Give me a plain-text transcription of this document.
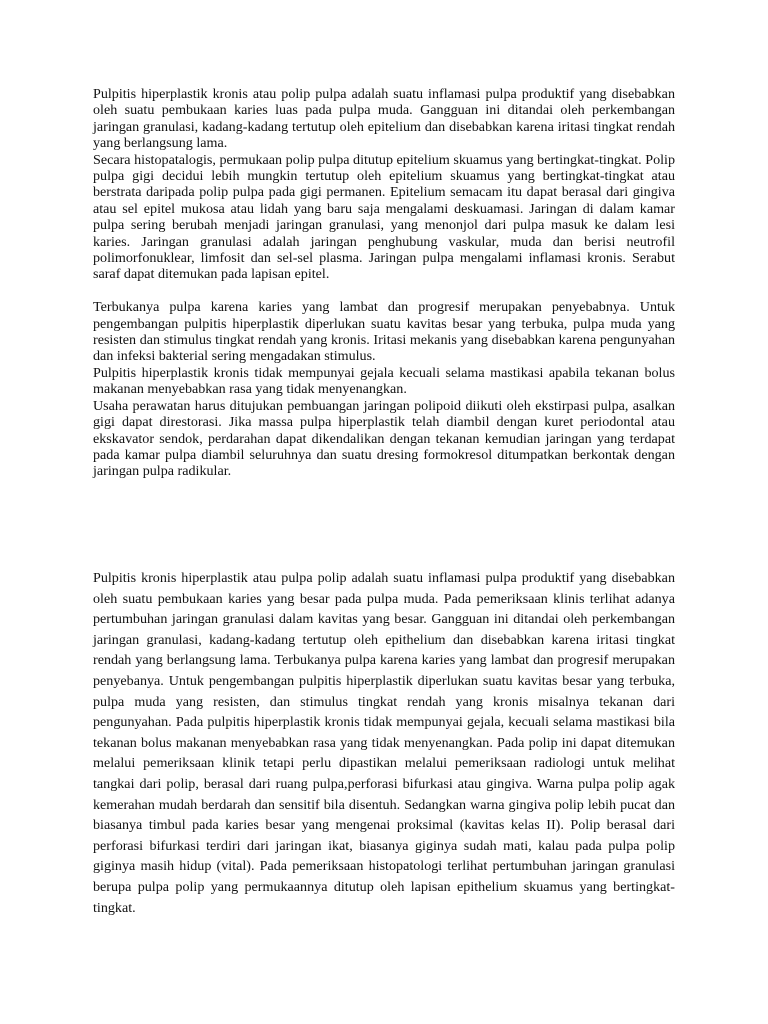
Pulpitis hiperplastik kronis atau polip pulpa adalah suatu inflamasi pulpa produktif yang disebabkan oleh suatu pembukaan karies luas pada pulpa muda. Gangguan ini ditandai oleh perkembangan jaringan granulasi, kadang-kadang tertutup oleh epitelium dan disebabkan karena iritasi tingkat rendah yang berlangsung lama.

Secara histopatalogis, permukaan polip pulpa ditutup epitelium skuamus yang bertingkat-tingkat. Polip pulpa gigi decidui lebih mungkin tertutup oleh epitelium skuamus yang bertingkat-tingkat atau berstrata daripada polip pulpa pada gigi permanen. Epitelium semacam itu dapat berasal dari gingiva atau sel epitel mukosa atau lidah yang baru saja mengalami deskuamasi. Jaringan di dalam kamar pulpa sering berubah menjadi jaringan granulasi, yang menonjol dari pulpa masuk ke dalam lesi karies. Jaringan granulasi adalah jaringan penghubung vaskular, muda dan berisi neutrofil polimorfonuklear, limfosit dan sel-sel plasma. Jaringan pulpa mengalami inflamasi kronis. Serabut saraf dapat ditemukan pada lapisan epitel.

Terbukanya pulpa karena karies yang lambat dan progresif merupakan penyebabnya. Untuk pengembangan pulpitis hiperplastik diperlukan suatu kavitas besar yang terbuka, pulpa muda yang resisten dan stimulus tingkat rendah yang kronis. Iritasi mekanis yang disebabkan karena pengunyahan dan infeksi bakterial sering mengadakan stimulus.

Pulpitis hiperplastik kronis tidak mempunyai gejala kecuali selama mastikasi apabila tekanan bolus makanan menyebabkan rasa yang tidak menyenangkan.

Usaha perawatan harus ditujukan pembuangan jaringan polipoid diikuti oleh ekstirpasi pulpa, asalkan gigi dapat direstorasi. Jika massa pulpa hiperplastik telah diambil dengan kuret periodontal atau ekskavator sendok, perdarahan dapat dikendalikan dengan tekanan kemudian jaringan yang terdapat pada kamar pulpa diambil seluruhnya dan suatu dresing formokresol ditumpatkan berkontak dengan jaringan pulpa radikular.

Pulpitis kronis hiperplastik atau pulpa polip adalah suatu inflamasi pulpa produktif yang disebabkan oleh suatu pembukaan karies yang besar pada pulpa muda. Pada pemeriksaan klinis terlihat adanya pertumbuhan jaringan granulasi dalam kavitas yang besar. Gangguan ini ditandai oleh perkembangan jaringan granulasi, kadang-kadang tertutup oleh epithelium dan disebabkan karena iritasi tingkat rendah yang berlangsung lama. Terbukanya pulpa karena karies yang lambat dan progresif merupakan penyebanya. Untuk pengembangan pulpitis hiperplastik diperlukan suatu kavitas besar yang terbuka, pulpa muda yang resisten, dan stimulus tingkat rendah yang kronis misalnya tekanan dari pengunyahan. Pada pulpitis hiperplastik kronis tidak mempunyai gejala, kecuali selama mastikasi bila tekanan bolus makanan menyebabkan rasa yang tidak menyenangkan. Pada polip ini dapat ditemukan melalui pemeriksaan klinik tetapi perlu dipastikan melalui pemeriksaan radiologi untuk melihat tangkai dari polip, berasal dari ruang pulpa,perforasi bifurkasi atau gingiva. Warna pulpa polip agak kemerahan mudah berdarah dan sensitif bila disentuh. Sedangkan warna gingiva polip lebih pucat dan biasanya timbul pada karies besar yang mengenai proksimal (kavitas kelas II). Polip berasal dari perforasi bifurkasi terdiri dari jaringan ikat, biasanya giginya sudah mati, kalau pada pulpa polip giginya masih hidup (vital). Pada pemeriksaan histopatologi terlihat pertumbuhan jaringan granulasi berupa pulpa polip yang permukaannya ditutup oleh lapisan epithelium skuamus yang bertingkat-tingkat.
